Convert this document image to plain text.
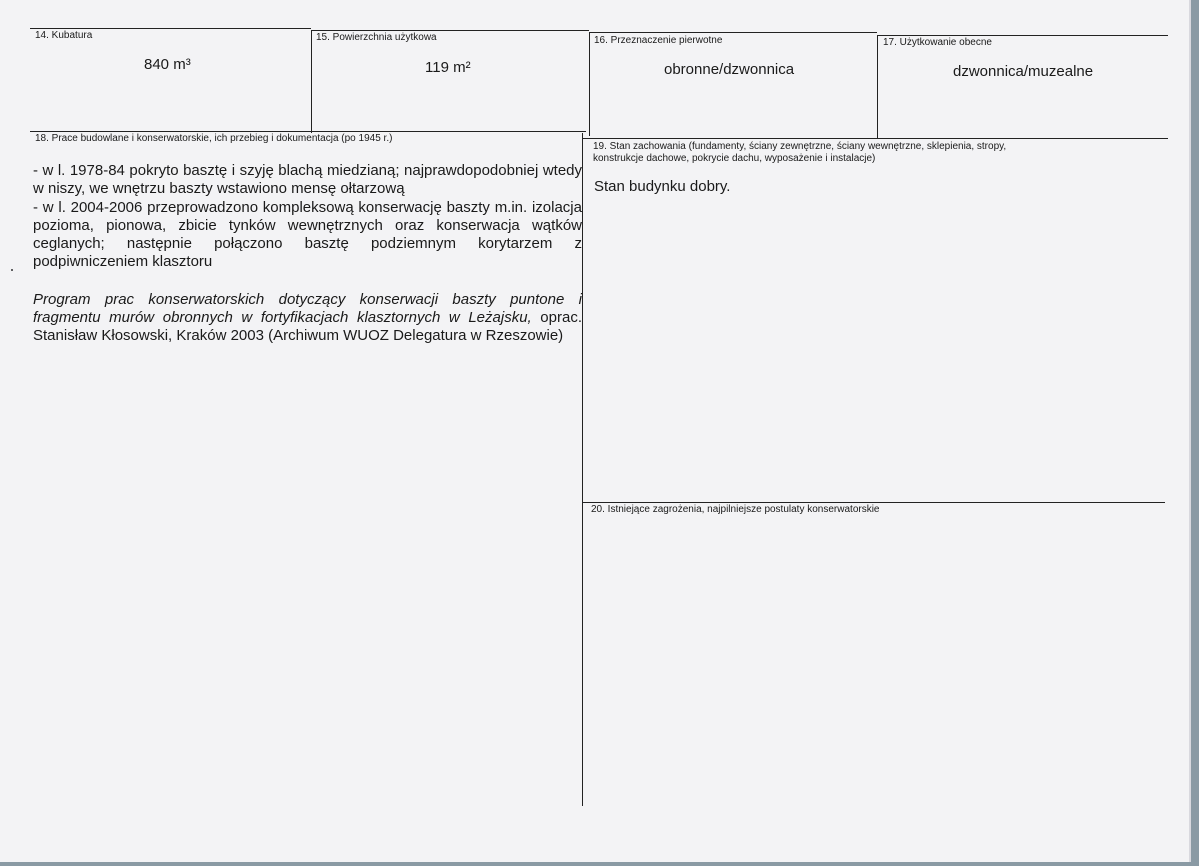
14. Kubatura
840 m³
15. Powierzchnia użytkowa
119 m²
16. Przeznaczenie pierwotne
obronne/dzwonnica
17. Użytkowanie obecne
dzwonnica/muzealne
18. Prace budowlane i konserwatorskie, ich przebieg i dokumentacja (po 1945 r.)

- w l. 1978-84 pokryto basztę i szyję blachą miedzianą; najprawdopodobniej wtedy w niszy, we wnętrzu baszty wstawiono mensę ołtarzową

- w l. 2004-2006 przeprowadzono kompleksową konserwację baszty m.in. izolacja pozioma, pionowa, zbicie tynków wewnętrznych oraz konserwacja wątków ceglanych; następnie połączono basztę podziemnym korytarzem z podpiwniczeniem klasztoru

Program prac konserwatorskich dotyczący konserwacji baszty puntone i fragmentu murów obronnych w fortyfikacjach klasztornych w Leżajsku, oprac. Stanisław Kłosowski, Kraków 2003 (Archiwum WUOZ Delegatura w Rzeszowie)

19. Stan zachowania (fundamenty, ściany zewnętrzne, ściany wewnętrzne, sklepienia, stropy,
konstrukcje dachowe, pokrycie dachu, wyposażenie i instalacje)
Stan budynku dobry.
20. Istniejące zagrożenia, najpilniejsze postulaty konserwatorskie
